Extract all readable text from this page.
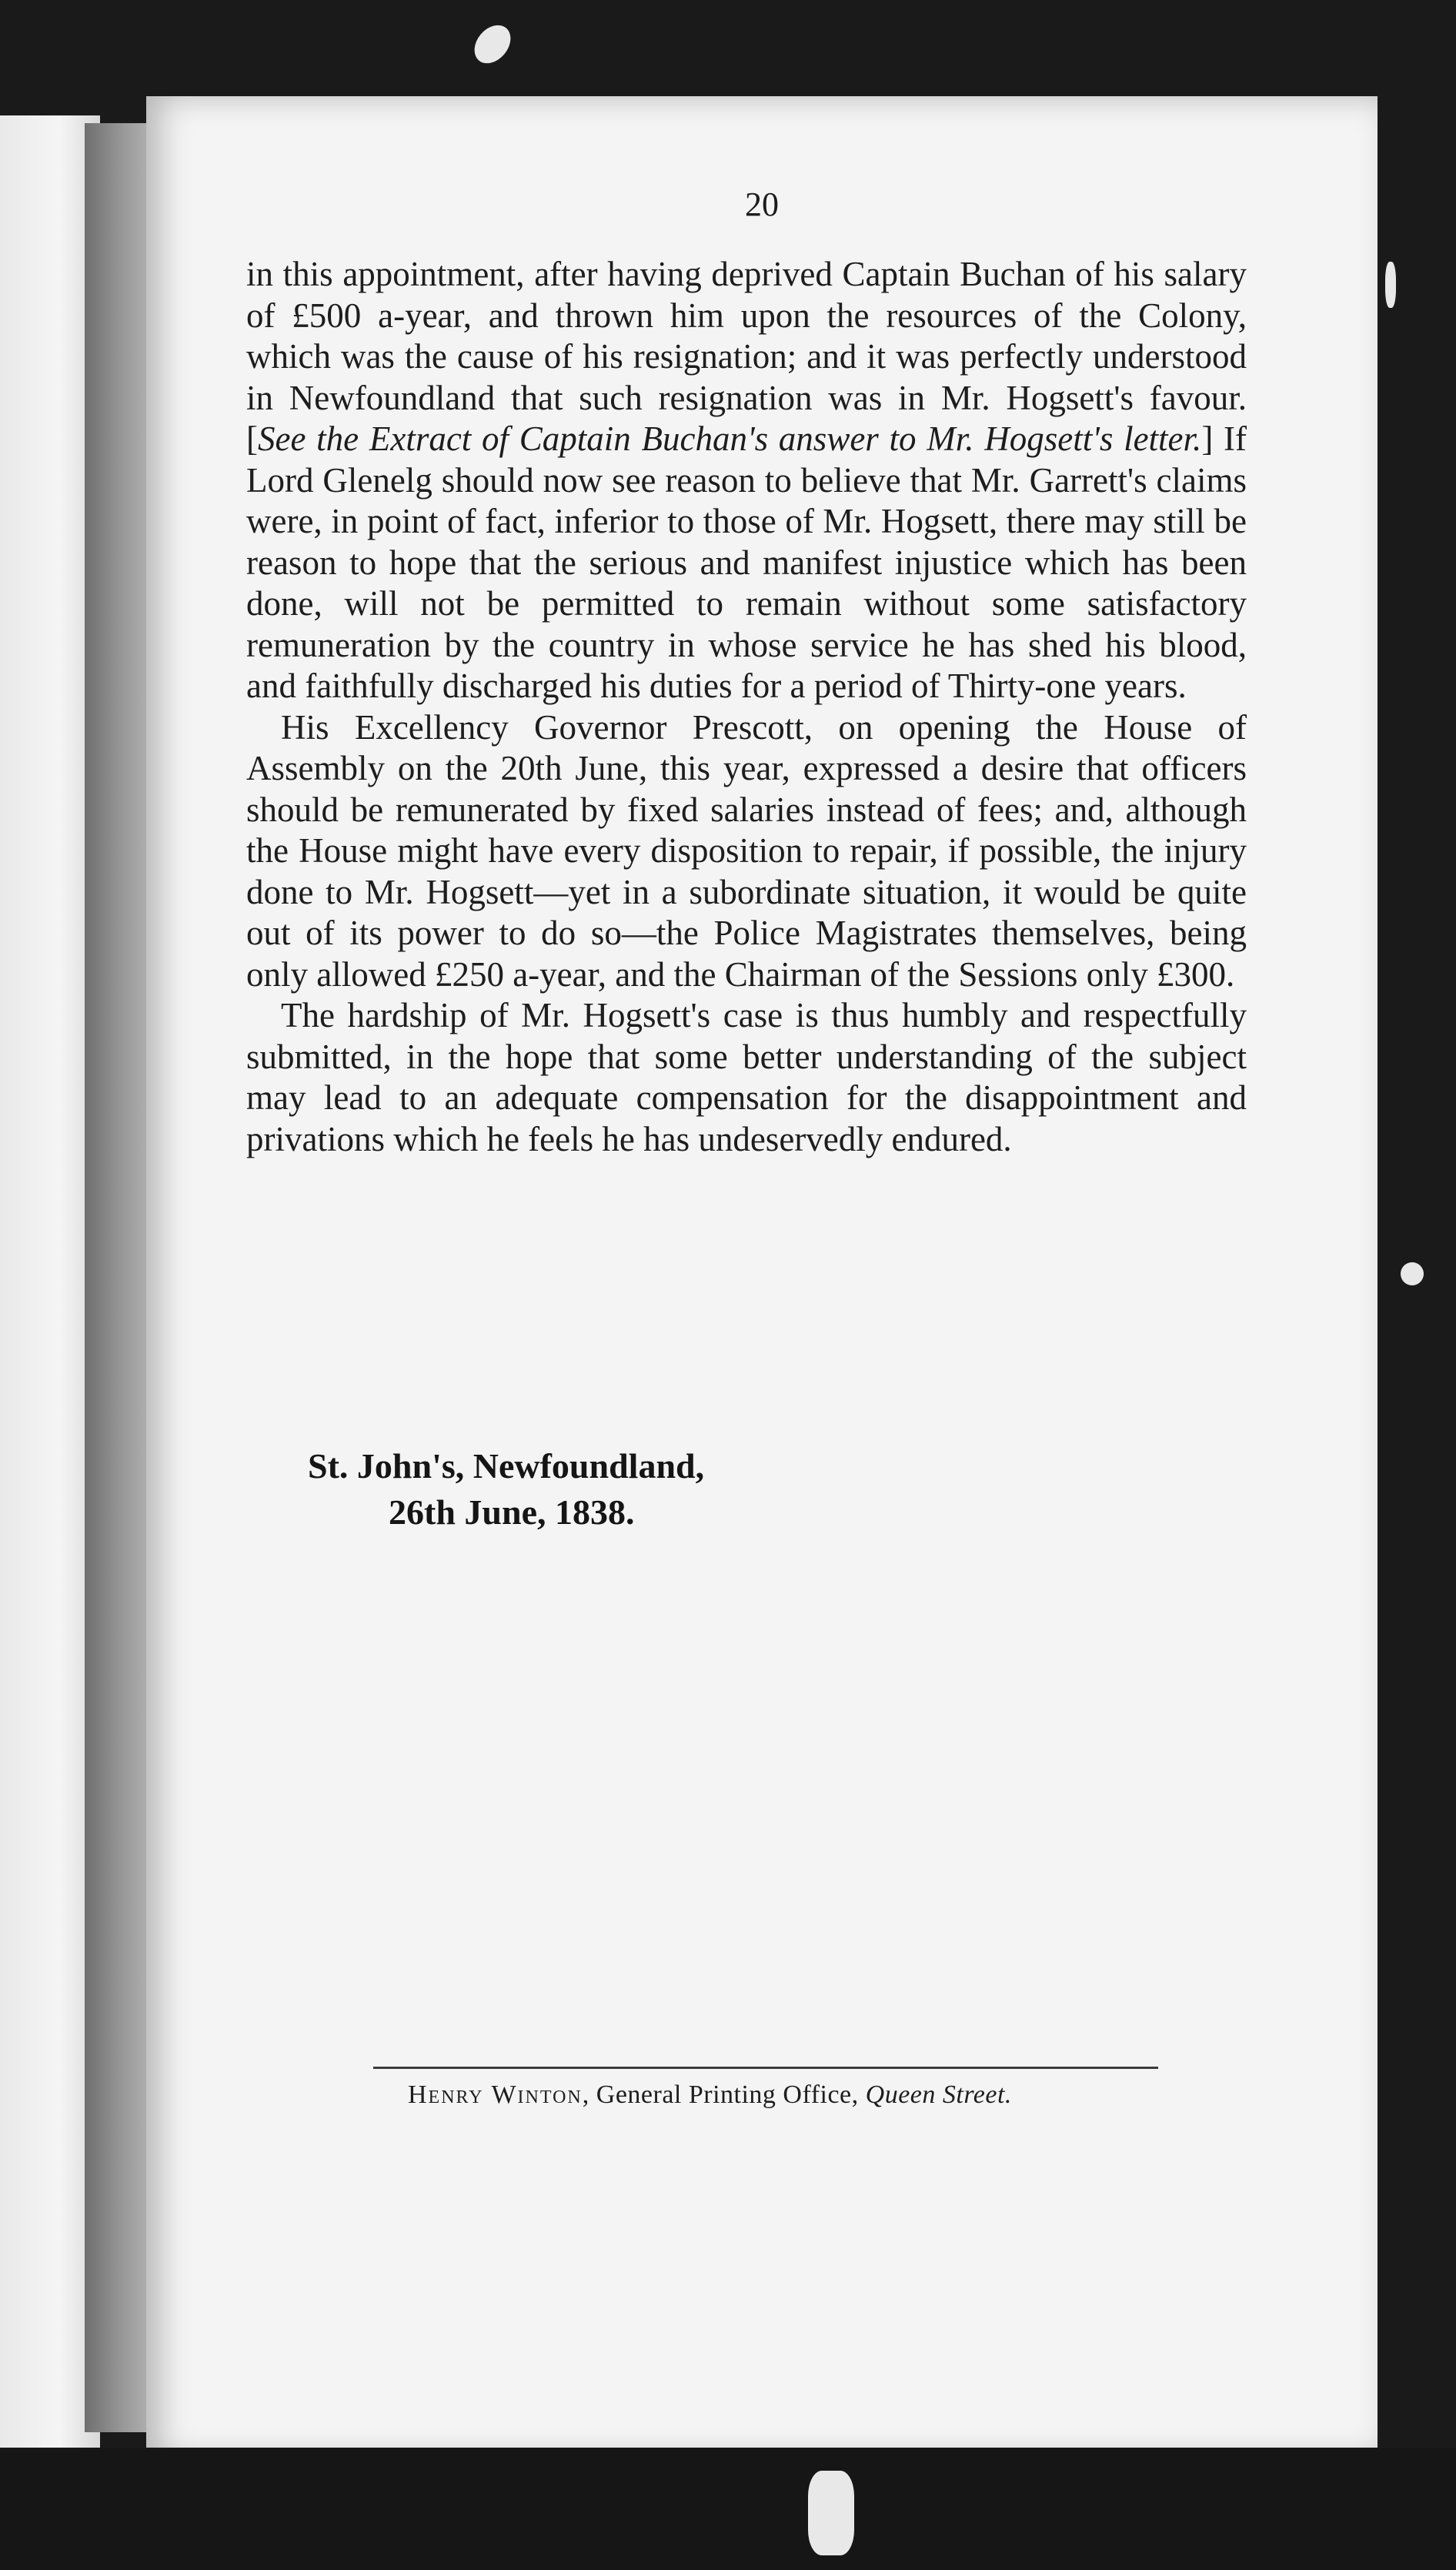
20

in this appointment, after having deprived Captain Buchan of his salary of £500 a-year, and thrown him upon the resources of the Colony, which was the cause of his resignation; and it was perfectly understood in Newfoundland that such resignation was in Mr. Hogsett's favour. [See the Extract of Captain Buchan's answer to Mr. Hogsett's letter.] If Lord Glenelg should now see reason to believe that Mr. Garrett's claims were, in point of fact, inferior to those of Mr. Hogsett, there may still be reason to hope that the serious and manifest injustice which has been done, will not be permitted to remain without some satisfactory remuneration by the country in whose service he has shed his blood, and faithfully discharged his duties for a period of Thirty-one years.

His Excellency Governor Prescott, on opening the House of Assembly on the 20th June, this year, expressed a desire that officers should be remunerated by fixed salaries instead of fees; and, although the House might have every disposition to repair, if possible, the injury done to Mr. Hogsett—yet in a subordinate situation, it would be quite out of its power to do so—the Police Magistrates themselves, being only allowed £250 a-year, and the Chairman of the Sessions only £300.

The hardship of Mr. Hogsett's case is thus humbly and respectfully submitted, in the hope that some better understanding of the subject may lead to an adequate compensation for the disappointment and privations which he feels he has undeservedly endured.

St. John's, Newfoundland,
26th June, 1838.
Henry Winton, General Printing Office, Queen Street.
